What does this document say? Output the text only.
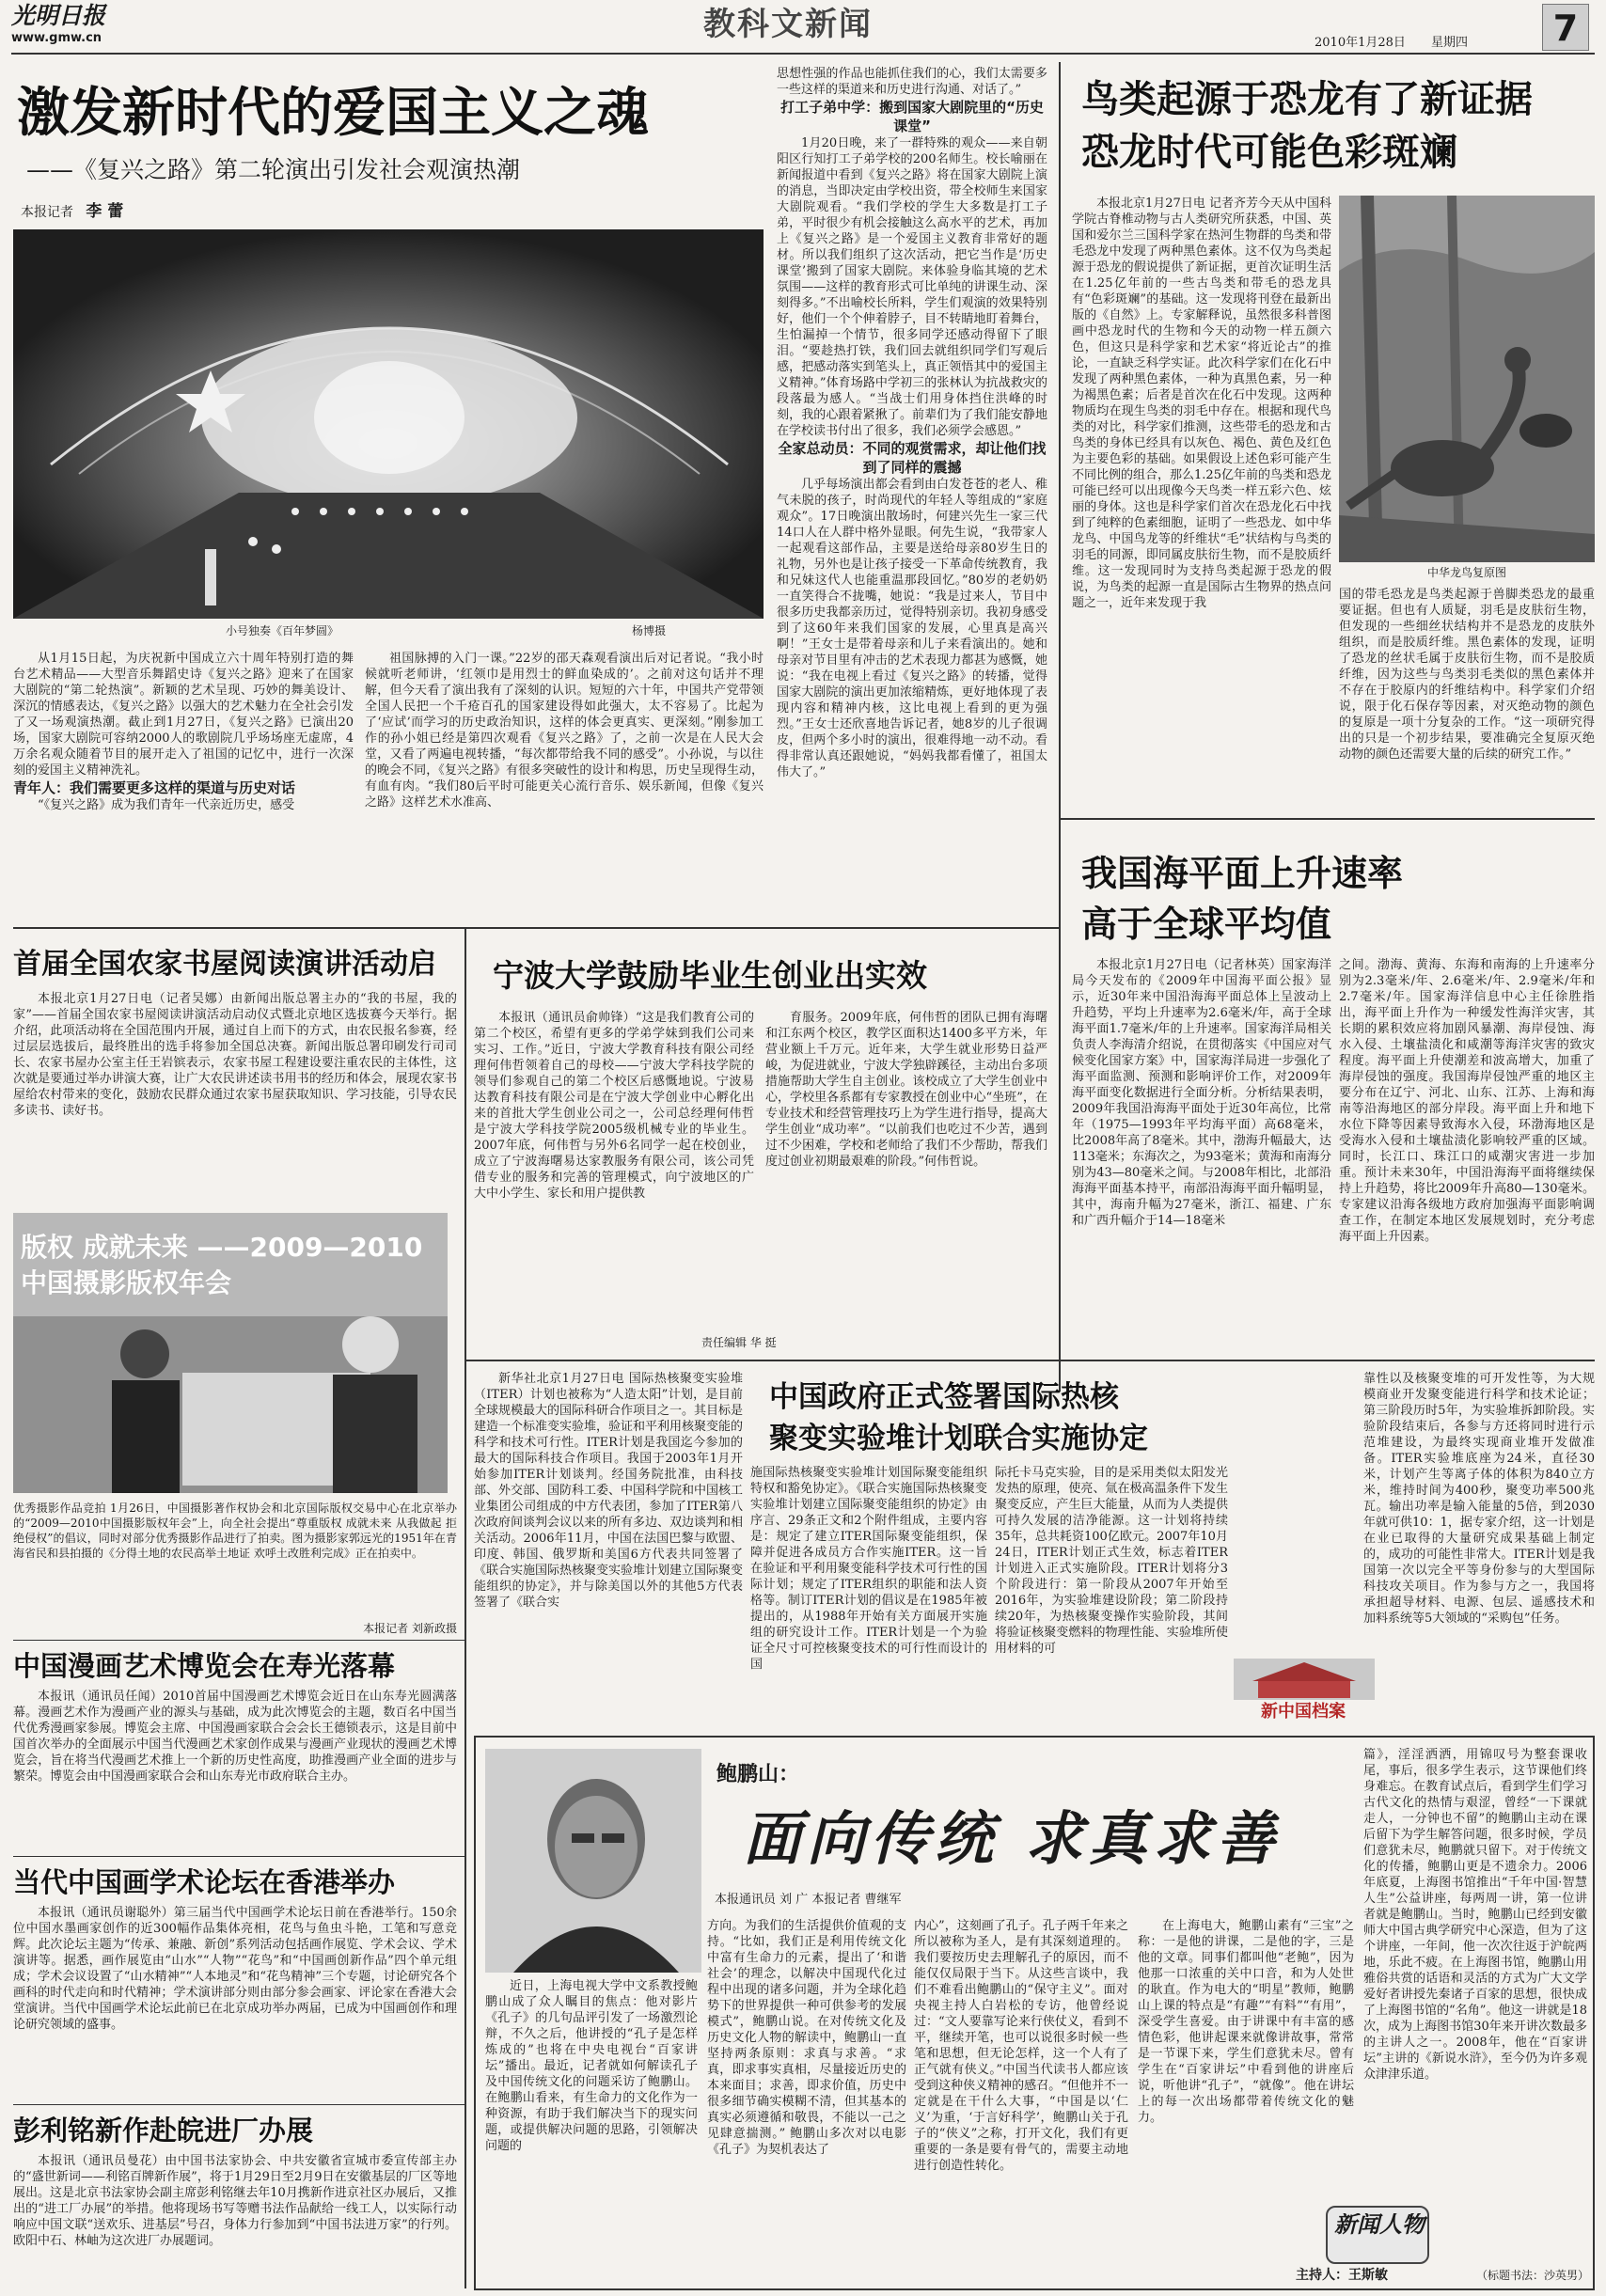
光明日报
www.gmw.cn	教科文新闻	2010年1月28日	星期四	7
激发新时代的爱国主义之魂
——《复兴之路》第二轮演出引发社会观演热潮
本报记者 李 蕾
小号独奏《百年梦圆》	杨博摄

从1月15日起，为庆祝新中国成立六十周年特别打造的舞台艺术精品——大型音乐舞蹈史诗《复兴之路》迎来了在国家大剧院的“第二轮热演”。新颖的艺术呈现、巧妙的舞美设计、深沉的情感表达，《复兴之路》以强大的艺术魅力在全社会引发了又一场观演热潮。截止到1月27日，《复兴之路》已演出20场，国家大剧院可容纳2000人的歌剧院几乎场场座无虚席，4万余名观众随着节目的展开走入了祖国的记忆中，进行一次深刻的爱国主义精神洗礼。

青年人：我们需要更多这样的渠道与历史对话

“《复兴之路》成为我们青年一代亲近历史，感受

祖国脉搏的入门一课。”22岁的邵天森观看演出后对记者说。“我小时候就听老师讲，‘红领巾是用烈士的鲜血染成的’。之前对这句话并不理解，但今天看了演出我有了深刻的认识。短短的六十年，中国共产党带领全国人民把一个千疮百孔的国家建设得如此强大，太不容易了。比起为了‘应试’而学习的历史政治知识，这样的体会更真实、更深刻。”刚参加工作的孙小姐已经是第四次观看《复兴之路》了，之前一次是在人民大会堂，又看了两遍电视转播，“每次都带给我不同的感受”。小孙说，与以往的晚会不同，《复兴之路》有很多突破性的设计和构思，历史呈现得生动，有血有肉。“我们80后平时可能更关心流行音乐、娱乐新闻，但像《复兴之路》这样艺术水准高、

思想性强的作品也能抓住我们的心，我们太需要多一些这样的渠道来和历史进行沟通、对话了。”

打工子弟中学：搬到国家大剧院里的“历史课堂”

1月20日晚，来了一群特殊的观众——来自朝阳区行知打工子弟学校的200名师生。校长喻丽在新闻报道中看到《复兴之路》将在国家大剧院上演的消息，当即决定由学校出资，带全校师生来国家大剧院观看。“我们学校的学生大多数是打工子弟，平时很少有机会接触这么高水平的艺术，再加上《复兴之路》是一个爱国主义教育非常好的题材。所以我们组织了这次活动，把它当作是‘历史课堂’搬到了国家大剧院。来体验身临其境的艺术氛围——这样的教育形式可比单纯的讲课生动、深刻得多。”不出喻校长所料，学生们观演的效果特别好，他们一个个伸着脖子，目不转睛地盯着舞台，生怕漏掉一个情节，很多同学还感动得留下了眼泪。“要趁热打铁，我们回去就组织同学们写观后感，把感动落实到笔头上，真正领悟其中的爱国主义精神。”体育场路中学初三的张林认为抗战救灾的段落最为感人。“当战士们用身体挡住洪峰的时刻，我的心跟着紧揪了。前辈们为了我们能安静地在学校读书付出了很多，我们必须学会感恩。”

全家总动员：不同的观赏需求，却让他们找到了同样的震撼

几乎每场演出都会看到由白发苍苍的老人、稚气未脱的孩子，时尚现代的年轻人等组成的“家庭观众”。17日晚演出散场时，何建兴先生一家三代14口人在人群中格外显眼。何先生说，“我带家人一起观看这部作品，主要是送给母亲80岁生日的礼物，另外也是让孩子接受一下革命传统教育，我和兄妹这代人也能重温那段回忆。”80岁的老奶奶一直笑得合不拢嘴，她说：“我是过来人，节目中很多历史我都亲历过，觉得特别亲切。我初身感受到了这60年来我们国家的发展，心里真是高兴啊！”王女士是带着母亲和儿子来看演出的。她和母亲对节目里有冲击的艺术表现力都甚为感慨，她说：“我在电视上看过《复兴之路》的转播，觉得国家大剧院的演出更加浓缩精炼，更好地体现了表现内容和精神内核，这比电视上看到的更为强烈。”王女士还欣喜地告诉记者，她8岁的儿子很调皮，但两个多小时的演出，很难得地一动不动。看得非常认真还跟她说，“妈妈我都看懂了，祖国太伟大了。”

鸟类起源于恐龙有了新证据
恐龙时代可能色彩斑斓
中华龙鸟复原图
本报北京1月27日电 记者齐芳今天从中国科学院古脊椎动物与古人类研究所获悉，中国、英国和爱尔兰三国科学家在热河生物群的鸟类和带毛恐龙中发现了两种黑色素体。这不仅为鸟类起源于恐龙的假说提供了新证据，更首次证明生活在1.25亿年前的一些古鸟类和带毛的恐龙具有“色彩斑斓”的基础。这一发现将刊登在最新出版的《自然》上。专家解释说，虽然很多科普图画中恐龙时代的生物和今天的动物一样五颜六色，但这只是科学家和艺术家“将近论古”的推论，一直缺乏科学实证。此次科学家们在化石中发现了两种黑色素体，一种为真黑色素，另一种为褐黑色素；后者是首次在化石中发现。这两种物质均在现生鸟类的羽毛中存在。根据和现代鸟类的对比，科学家们推测，这些带毛的恐龙和古鸟类的身体已经具有以灰色、褐色、黄色及红色为主要色彩的基础。如果假设上述色彩可能产生不同比例的组合，那么1.25亿年前的鸟类和恐龙可能已经可以出现像今天鸟类一样五彩六色、炫丽的身体。这也是科学家们首次在恐龙化石中找到了纯粹的色素细胞，证明了一些恐龙、如中华龙鸟、中国鸟龙等的纤维状“毛”状结构与鸟类的羽毛的同源，即同属皮肤衍生物，而不是胶质纤维。这一发现同时为支持鸟类起源于恐龙的假说，为鸟类的起源一直是国际古生物界的热点问题之一，近年来发现于我
国的带毛恐龙是鸟类起源于兽脚类恐龙的最重要证据。但也有人质疑，羽毛是皮肤衍生物，但发现的一些细丝状结构并不是恐龙的皮肤外组织，而是胶质纤维。黑色素体的发现，证明了恐龙的丝状毛属于皮肤衍生物，而不是胶质纤维，因为这些与鸟类羽毛类似的黑色素体并不存在于胶原内的纤维结构中。科学家们介绍说，限于化石保存等因素，对灭绝动物的颜色的复原是一项十分复杂的工作。“这一项研究得出的只是一个初步结果，要准确完全复原灭绝动物的颜色还需要大量的后续的研究工作。”
我国海平面上升速率
高于全球平均值
本报北京1月27日电（记者林英）国家海洋局今天发布的《2009年中国海平面公报》显示，近30年来中国沿海海平面总体上呈波动上升趋势，平均上升速率为2.6毫米/年，高于全球海平面1.7毫米/年的上升速率。国家海洋局相关负责人李海清介绍说，在贯彻落实《中国应对气候变化国家方案》中，国家海洋局进一步强化了海平面监测、预测和影响评价工作，对2009年海平面变化数据进行全面分析。分析结果表明，2009年我国沿海海平面处于近30年高位，比常年（1975—1993年平均海平面）高68毫米，比2008年高了8毫米。其中，渤海升幅最大，达113毫米；东海次之，为93毫米；黄海和南海分别为43—80毫米之间。与2008年相比，北部沿海海平面基本持平，南部沿海海平面升幅明显，其中，海南升幅为27毫米，浙江、福建、广东和广西升幅介于14—18毫米
之间。渤海、黄海、东海和南海的上升速率分别为2.3毫米/年、2.6毫米/年、2.9毫米/年和2.7毫米/年。国家海洋信息中心主任徐胜指出，海平面上升作为一种缓发性海洋灾害，其长期的累积效应将加剧风暴潮、海岸侵蚀、海水入侵、土壤盐渍化和咸潮等海洋灾害的致灾程度。海平面上升使潮差和波高增大，加重了海岸侵蚀的强度。我国海岸侵蚀严重的地区主要分布在辽宁、河北、山东、江苏、上海和海南等沿海地区的部分岸段。海平面上升和地下水位下降等因素导致海水入侵，环渤海地区是受海水入侵和土壤盐渍化影响较严重的区域。同时，长江口、珠江口的咸潮灾害进一步加重。预计未来30年，中国沿海海平面将继续保持上升趋势，将比2009年升高80—130毫米。专家建议沿海各级地方政府加强海平面影响调查工作，在制定本地区发展规划时，充分考虑海平面上升因素。
首届全国农家书屋阅读演讲活动启
本报北京1月27日电（记者吴娜）由新闻出版总署主办的“我的书屋，我的家”——首届全国农家书屋阅读讲演活动启动仪式暨北京地区选拔赛今天举行。据介绍，此项活动将在全国范围内开展，通过自上而下的方式，由农民报名参赛，经过层层选拔后，最终胜出的选手将参加全国总决赛。新闻出版总署印刷发行司司长、农家书屋办公室主任王岩镔表示，农家书屋工程建设要注重农民的主体性，这次就是要通过举办讲演大赛，让广大农民讲述读书用书的经历和体会，展现农家书屋给农村带来的变化，鼓励农民群众通过农家书屋获取知识、学习技能，引导农民多读书、读好书。
版权 成就未来 ——2009—2010中国摄影版权年会
优秀摄影作品竞拍 1月26日，中国摄影著作权协会和北京国际版权交易中心在北京举办的“2009—2010中国摄影版权年会”上，向全社会提出“尊重版权 成就未来 从我做起 拒绝侵权”的倡议，同时对部分优秀摄影作品进行了拍卖。图为摄影家郭远光的1951年在青海省民和县拍摄的《分得土地的农民高举土地证 欢呼土改胜利完成》正在拍卖中。
本报记者 刘新政摄
中国漫画艺术博览会在寿光落幕
本报讯（通讯员任闻）2010首届中国漫画艺术博览会近日在山东寿光圆满落幕。漫画艺术作为漫画产业的源头与基础，成为此次博览会的主题，数百名中国当代优秀漫画家参展。博览会主席、中国漫画家联合会会长王德锁表示，这是目前中国首次举办的全面展示中国当代漫画艺术家创作成果与漫画产业现状的漫画艺术博览会，旨在将当代漫画艺术推上一个新的历史性高度，助推漫画产业全面的进步与繁荣。博览会由中国漫画家联合会和山东寿光市政府联合主办。
当代中国画学术论坛在香港举办
本报讯（通讯员谢聪外）第三届当代中国画学术论坛日前在香港举行。150余位中国水墨画家创作的近300幅作品集体亮相，花鸟与鱼虫斗艳，工笔和写意竞辉。此次论坛主题为“传承、兼融、新创”系列活动包括画作展览、学术会议、学术演讲等。据悉，画作展览由“山水”“人物”“花鸟”和“中国画创新作品”四个单元组成；学术会议设置了“山水精神”“人本地灵”和“花鸟精神”三个专题，讨论研究各个画科的时代走向和时代精神；学术演讲部分则由部分参会画家、评论家在香港大会堂演讲。当代中国画学术论坛此前已在北京成功举办两届，已成为中国画创作和理论研究领域的盛事。
彭利铭新作赴皖进厂办展
本报讯（通讯员曼花）由中国书法家协会、中共安徽省宣城市委宣传部主办的“盛世新词——利铭百牌新作展”，将于1月29日至2月9日在安徽基层的厂区等地展出。这是北京书法家协会副主席彭利铭继去年10月携新作进京社区办展后，又推出的“进工厂办展”的举措。他将现场书写等赠书法作品献给一线工人，以实际行动响应中国文联“送欢乐、进基层”号召，身体力行参加到“中国书法进万家”的行列。欧阳中石、林岫为这次进厂办展题词。
宁波大学鼓励毕业生创业出实效
本报讯（通讯员俞帅锋）“这是我们教育公司的第二个校区，希望有更多的学弟学妹到我们公司来实习、工作。”近日，宁波大学教育科技有限公司经理何伟哲领着自己的母校——宁波大学科技学院的领导们参观自己的第二个校区后感慨地说。宁波易达教育科技有限公司是在宁波大学创业中心孵化出来的首批大学生创业公司之一，公司总经理何伟哲是宁波大学科技学院2005级机械专业的毕业生。2007年底，何伟哲与另外6名同学一起在校创业，成立了宁波海曙易达家教服务有限公司，该公司凭借专业的服务和完善的管理模式，向宁波地区的广大中小学生、家长和用户提供教
育服务。2009年底，何伟哲的团队已拥有海曙和江东两个校区，教学区面积达1400多平方米，年营业额上千万元。近年来，大学生就业形势日益严峻，为促进就业，宁波大学独辟蹊径，主动出台多项措施帮助大学生自主创业。该校成立了大学生创业中心，学校里各系都有专家教授在创业中心“坐班”，在专业技术和经营管理技巧上为学生进行指导，提高大学生创业“成功率”。“以前我们也吃过不少苦，遇到过不少困难，学校和老师给了我们不少帮助，帮我们度过创业初期最艰难的阶段。”何伟哲说。
责任编辑 华 挺
中国政府正式签署国际热核
聚变实验堆计划联合实施协定
新华社北京1月27日电 国际热核聚变实验堆（ITER）计划也被称为“人造太阳”计划，是目前全球规模最大的国际科研合作项目之一。其目标是建造一个标准变实验堆，验证和平利用核聚变能的科学和技术可行性。ITER计划是我国迄今参加的最大的国际科技合作项目。我国于2003年1月开始参加ITER计划谈判。经国务院批准，由科技部、外交部、国防科工委、中国科学院和中国核工业集团公司组成的中方代表团，参加了ITER第八次政府间谈判会议以来的所有多边、双边谈判和相关活动。2006年11月，中国在法国巴黎与欧盟、印度、韩国、俄罗斯和美国6方代表共同签署了《联合实施国际热核聚变实验堆计划建立国际聚变能组织的协定》，并与除美国以外的其他5方代表签署了《联合实
施国际热核聚变实验堆计划国际聚变能组织特权和豁免协定》。《联合实施国际热核聚变实验堆计划建立国际聚变能组织的协定》由序言、29条正文和2个附件组成，主要内容是：规定了建立ITER国际聚变能组织，保障并促进各成员方合作实施ITER。这一旨在验证和平利用聚变能科学技术可行性的国际计划；规定了ITER组织的职能和法人资格等。制订ITER计划的倡议是在1985年被提出的，从1988年开始有关方面展开实施组的研究设计工作。ITER计划是一个为验证全尺寸可控核聚变技术的可行性而设计的国
际托卡马克实验，目的是采用类似太阳发光发热的原理，使亮、氚在极高温条件下发生聚变反应，产生巨大能量，从而为人类提供可持久发展的洁净能源。这一计划将持续35年，总共耗资100亿欧元。2007年10月24日，ITER计划正式生效，标志着ITER计划进入正式实施阶段。ITER计划将分3个阶段进行：第一阶段从2007年开始至2016年，为实验堆建设阶段；第二阶段持续20年，为热核聚变操作实验阶段，其间将验证核聚变燃料的物理性能、实验堆所使用材料的可
新中国档案
靠性以及核聚变堆的可开发性等，为大规模商业开发聚变能进行科学和技术论证；第三阶段历时5年，为实验堆拆卸阶段。实验阶段结束后，各参与方还将同时进行示范堆建设，为最终实现商业堆开发做准备。ITER实验堆底座为24米，直径30米，计划产生等离子体的体积为840立方米，维持时间为400秒，聚变功率500兆瓦。输出功率是输入能量的5倍，到2030年就可供10：1，据专家介绍，这一计划是在业已取得的大量研究成果基础上制定的，成功的可能性非常大。ITER计划是我国第一次以完全平等身份参与的大型国际科技攻关项目。作为参与方之一，我国将承担超导材料、电源、包层、遥感技术和加料系统等5大领域的“采购包”任务。
鲍鹏山：
面向传统 求真求善
本报通讯员 刘 广 本报记者 曹继军
近日，上海电视大学中文系教授鲍鹏山成了众人瞩目的焦点：他对影片《孔子》的几句品评引发了一场激烈论辩，不久之后，他讲授的“孔子是怎样炼成的”也将在中央电视台“百家讲坛”播出。最近，记者就如何解读孔子及中国传统文化的问题采访了鲍鹏山。在鲍鹏山看来，有生命力的文化作为一种资源，有助于我们解决当下的现实问题，或提供解决问题的思路，引领解决问题的
方向。为我们的生活提供价值观的支持。“比如，我们正是利用传统文化中富有生命力的元素，提出了‘和谐社会’的理念，以解决中国现代化过程中出现的诸多问题，并为全球化趋势下的世界提供一种可供参考的发展模式”，鲍鹏山说。在对传统文化及历史文化人物的解读中，鲍鹏山一直坚持两条原则：求真与求善。“求真，即求事实真相，尽量接近历史的本来面目；求善，即求价值，历史中很多细节确实模糊不清，但其基本的真实必须遵循和敬畏，不能以一己之见肆意揣测。” 鲍鹏山多次对以电影《孔子》为契机表达了
内心”，这刻画了孔子。孔子两千年来之所以被称为圣人，是有其深刻道理的。我们要按历史去理解孔子的原因，而不能仅仅局限于当下。从这些言谈中，我们不难看出鲍鹏山的“保守主义”。面对央视主持人白岩松的专访，他曾经说过：“文人要靠写论来行侠仗义，看到不平，继续开笔，也可以说很多时候一些笔和思想，但无论怎样，这一个人有了正气就有侠义。”中国当代读书人都应该受到这种侠义精神的感召。“但他并不一定就是在干什么大事，“中国是以‘仁义’为重，‘于言好科学’，鲍鹏山关于孔子的“侠义”之称，打开文化，我们有更重要的一条是要有骨气的，需要主动地进行创造性转化。
在上海电大，鲍鹏山素有“三宝”之称：一是他的讲课，二是他的字，三是他的文章。同事们都叫他“老鲍”，因为他那一口浓重的关中口音，和为人处世的耿直。作为电大的“明星”教师，鲍鹏山上课的特点是“有趣”“有料”“有用”，深受学生喜爱。由于讲课中有丰富的感情色彩，他讲起课来就像讲故事，常常是一节课下来，学生们意犹未尽。曾有学生在“百家讲坛”中看到他的讲座后说，听他讲“孔子”，“就像”。他在讲坛上的每一次出场都带着传统文化的魅力。
新闻人物
主持人：王斯敏
篇》，淫淫洒洒，用锦叹号为整套课收尾，事后，很多学生表示，这节课他们终身难忘。在教育试点后，看到学生们学习古代文化的热情与艰涩，曾经“一下课就走人，一分钟也不留”的鲍鹏山主动在课后留下为学生解答问题，很多时候，学员们意犹未尽，鲍鹏就只留下。对于传统文化的传播，鲍鹏山更是不遗余力。2006年底夏，上海图书馆推出“千年中国·智慧人生”公益讲座，每两周一讲，第一位讲者就是鲍鹏山。当时，鲍鹏山已经到安徽师大中国古典学研究中心深造，但为了这个讲座，一年间，他一次次往返于沪皖两地，乐此不疲。在上海图书馆，鲍鹏山用雅俗共赏的话语和灵活的方式为广大文学爱好者讲授先秦诸子百家的思想，很快成了上海图书馆的“名角”。他这一讲就是18次，成为上海图书馆30年来开讲次数最多的主讲人之一。2008年，他在“百家讲坛”主讲的《新说水浒》，至今仍为许多观众津津乐道。
（标题书法：沙英男）
